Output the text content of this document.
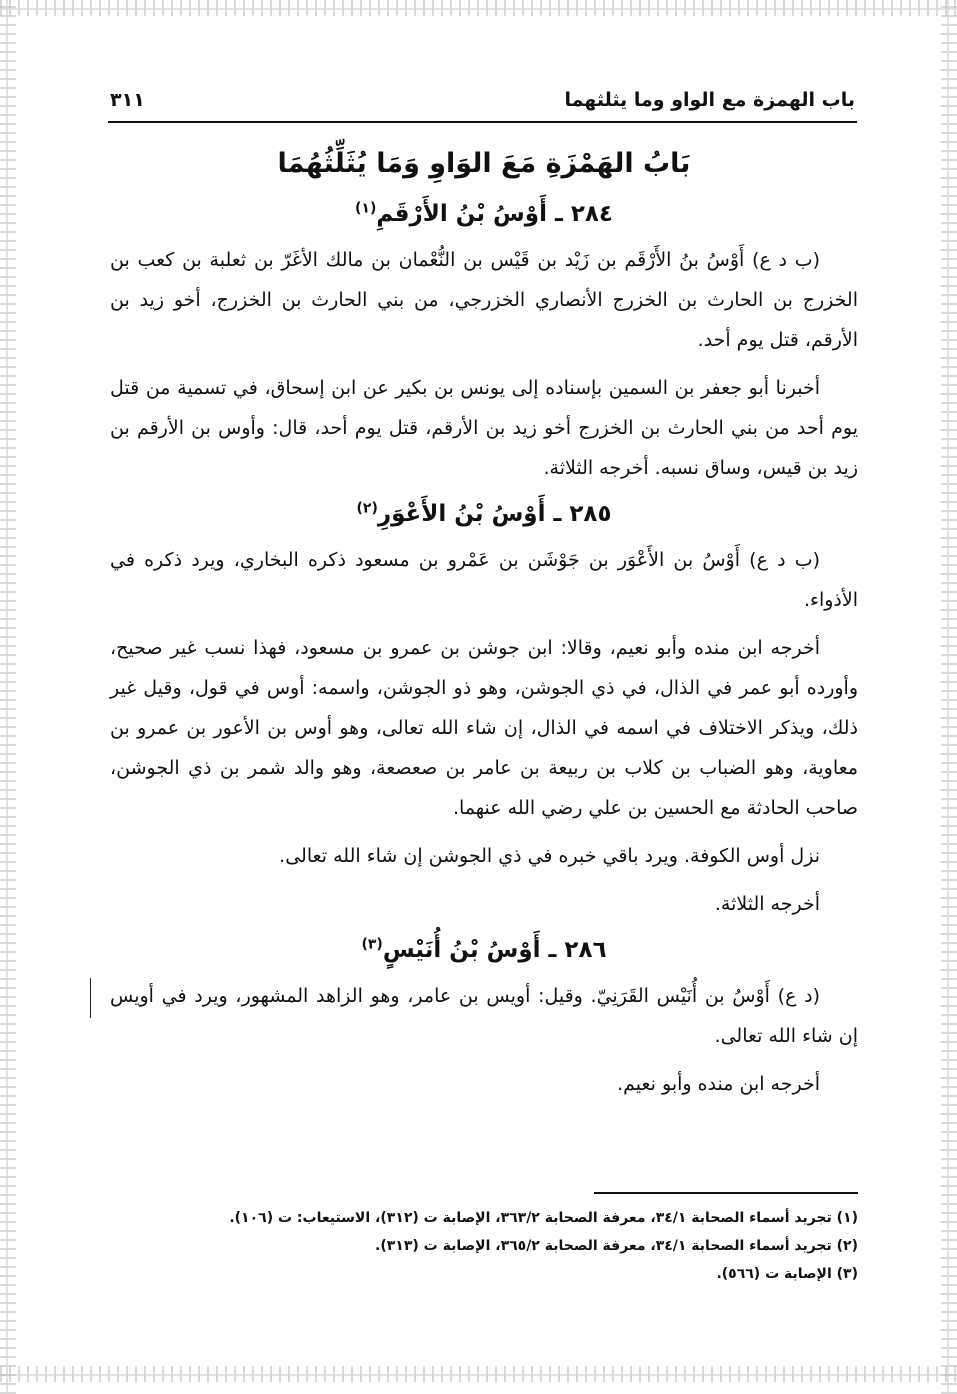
باب الهمزة مع الواو وما يثلثهما
٣١١
بَابُ الهَمْزَةِ مَعَ الوَاوِ وَمَا يُثَلِّثُهُمَا
٢٨٤ ـ أَوْسُ بْنُ الأَرْقَمِ$^{(١)}$

(ب د ع) أَوْسُ بنُ الأَرْقَم بن زَيْد بن قَيْس بن النُّعْمان بن مالك الأغَرّ بن ثعلبة بن كعب بن الخزرج بن الحارث بن الخزرج الأنصاري الخزرجي، من بني الحارث بن الخزرج، أخو زيد بن الأرقم، قتل يوم أحد.

أخبرنا أبو جعفر بن السمين بإسناده إلى يونس بن بكير عن ابن إسحاق، في تسمية من قتل يوم أحد من بني الحارث بن الخزرج أخو زيد بن الأرقم، قتل يوم أحد، قال: وأوس بن الأرقم بن زيد بن قيس، وساق نسبه. أخرجه الثلاثة.

٢٨٥ ـ أَوْسُ بْنُ الأَعْوَرِ$^{(٢)}$

(ب د ع) أَوْسُ بن الأَعْوَر بن جَوْشَن بن عَمْرو بن مسعود ذكره البخاري، ويرد ذكره في الأذواء.

أخرجه ابن منده وأبو نعيم، وقالا: ابن جوشن بن عمرو بن مسعود، فهذا نسب غير صحيح، وأورده أبو عمر في الذال، في ذي الجوشن، وهو ذو الجوشن، واسمه: أوس في قول، وقيل غير ذلك، ويذكر الاختلاف في اسمه في الذال، إن شاء الله تعالى، وهو أوس بن الأعور بن عمرو بن معاوية، وهو الضباب بن كلاب بن ربيعة بن عامر بن صعصعة، وهو والد شمر بن ذي الجوشن، صاحب الحادثة مع الحسين بن علي رضي الله عنهما.

نزل أوس الكوفة. ويرد باقي خبره في ذي الجوشن إن شاء الله تعالى.

أخرجه الثلاثة.

٢٨٦ ـ أَوْسُ بْنُ أُنَيْسٍ$^{(٣)}$

(د ع) أَوْسُ بن أُنَيْس القَرَنِيّ. وقيل: أويس بن عامر، وهو الزاهد المشهور، ويرد في أويس إن شاء الله تعالى.

أخرجه ابن منده وأبو نعيم.

(١) تجريد أسماء الصحابة ٣٤/١، معرفة الصحابة ٣٦٣/٢، الإصابة ت (٣١٢)، الاستيعاب: ت (١٠٦).
(٢) تجريد أسماء الصحابة ٣٤/١، معرفة الصحابة ٣٦٥/٢، الإصابة ت (٣١٣).
(٣) الإصابة ت (٥٦٦).
